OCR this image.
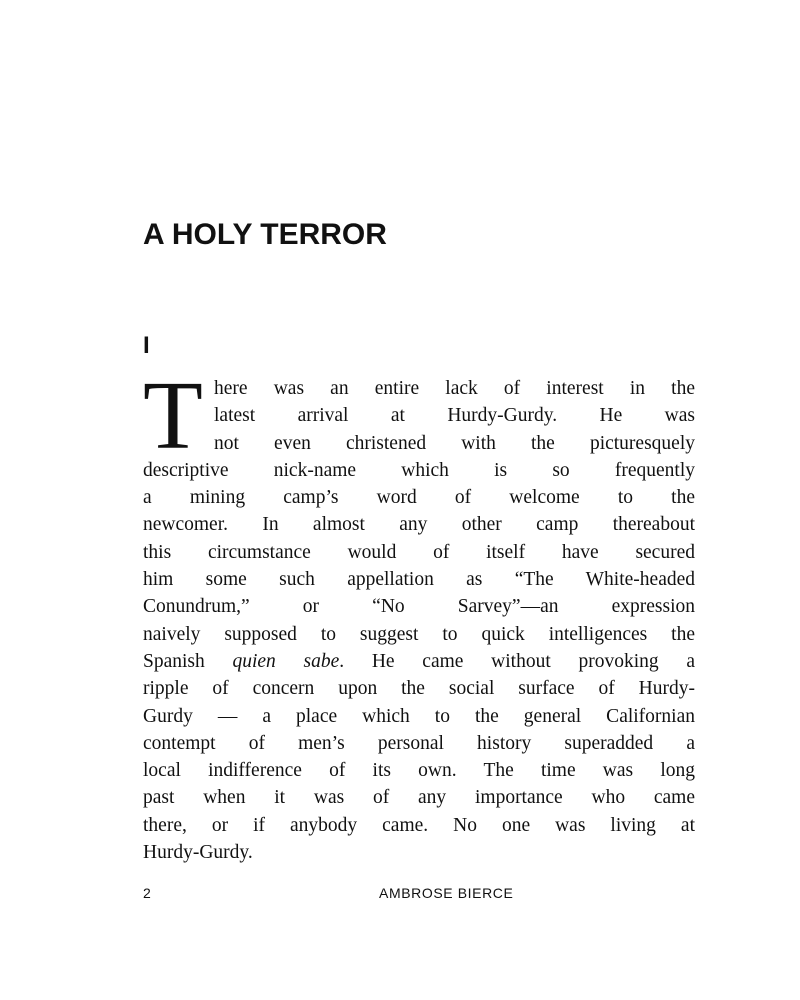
A HOLY TERROR
I
T here was an entire lack of interest in the
latest arrival at Hurdy-Gurdy. He was
not even christened with the picturesquely
descriptive nick-name which is so frequently
a mining camp’s word of welcome to the
newcomer. In almost any other camp thereabout
this circumstance would of itself have secured
him some such appellation as “The White-headed
Conundrum,” or “No Sarvey”—an expression
naively supposed to suggest to quick intelligences the
Spanish quien sabe. He came without provoking a
ripple of concern upon the social surface of Hurdy-
Gurdy — a place which to the general Californian
contempt of men’s personal history superadded a
local indifference of its own. The time was long
past when it was of any importance who came
there, or if anybody came. No one was living at
Hurdy-Gurdy.
2	AMBROSE BIERCE
